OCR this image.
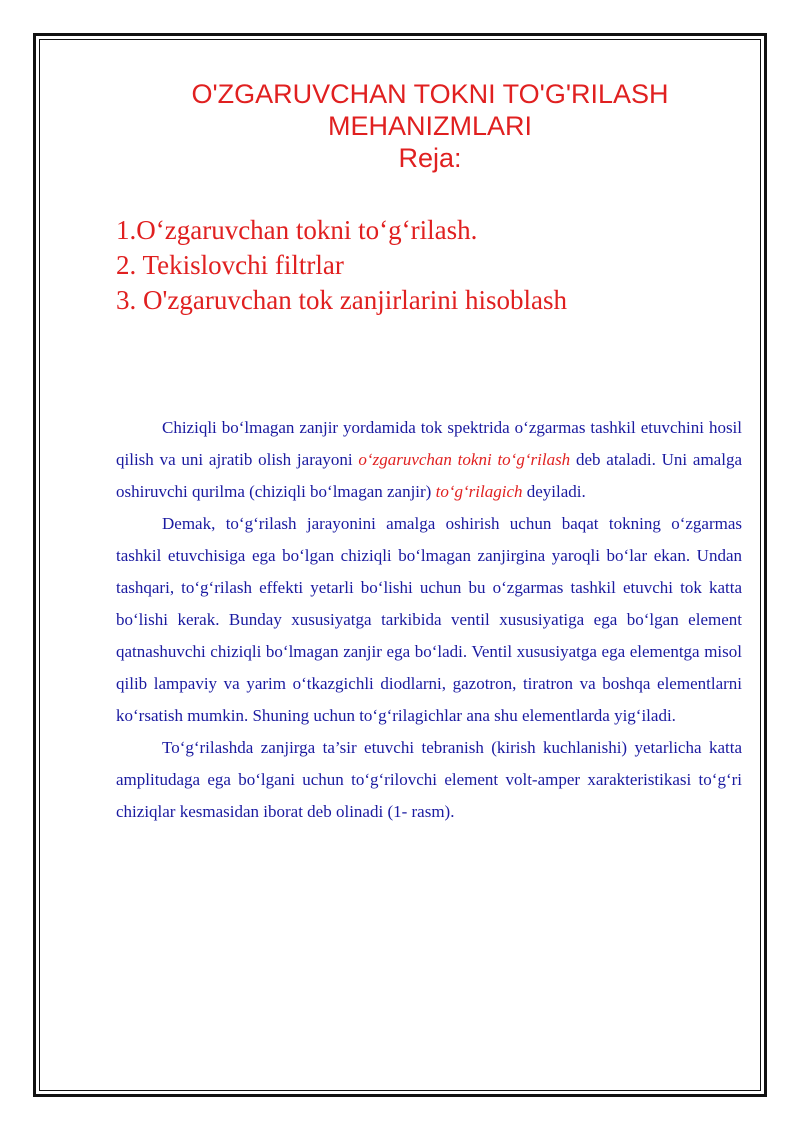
O'ZGARUVCHAN TOKNI TO'G'RILASH
MEHANIZMLARI
Reja:
1.O‘zgaruvchan tokni to‘g‘rilash.
2. Tekislovchi filtrlar
3. O'zgaruvchan tok zanjirlarini hisoblash

Chiziqli bo‘lmagan zanjir yordamida tok spektrida o‘zgarmas tashkil etuvchini hosil qilish va uni ajratib olish jarayoni o‘zgaruvchan tokni to‘g‘rilash deb ataladi. Uni amalga oshiruvchi qurilma (chiziqli bo‘lmagan zanjir) to‘g‘rilagich deyiladi.

Demak, to‘g‘rilash jarayonini amalga oshirish uchun baqat tokning o‘zgarmas tashkil etuvchisiga ega bo‘lgan chiziqli bo‘lmagan zanjirgina yaroqli bo‘lar ekan. Undan tashqari, to‘g‘rilash effekti yetarli bo‘lishi uchun bu o‘zgarmas tashkil etuvchi tok katta bo‘lishi kerak. Bunday xususiyatga tarkibida ventil xususiyatiga ega bo‘lgan element qatnashuvchi chiziqli bo‘lmagan zanjir ega bo‘ladi. Ventil xususiyatga ega elementga misol qilib lampaviy va yarim o‘tkazgichli diodlarni, gazotron, tiratron va boshqa elementlarni ko‘rsatish mumkin. Shuning uchun to‘g‘rilagichlar ana shu elementlarda yig‘iladi.

To‘g‘rilashda zanjirga ta’sir etuvchi tebranish (kirish kuchlanishi) yetarlicha katta amplitudaga ega bo‘lgani uchun to‘g‘rilovchi element volt-amper xarakteristikasi to‘g‘ri chiziqlar kesmasidan iborat deb olinadi (1- rasm).
